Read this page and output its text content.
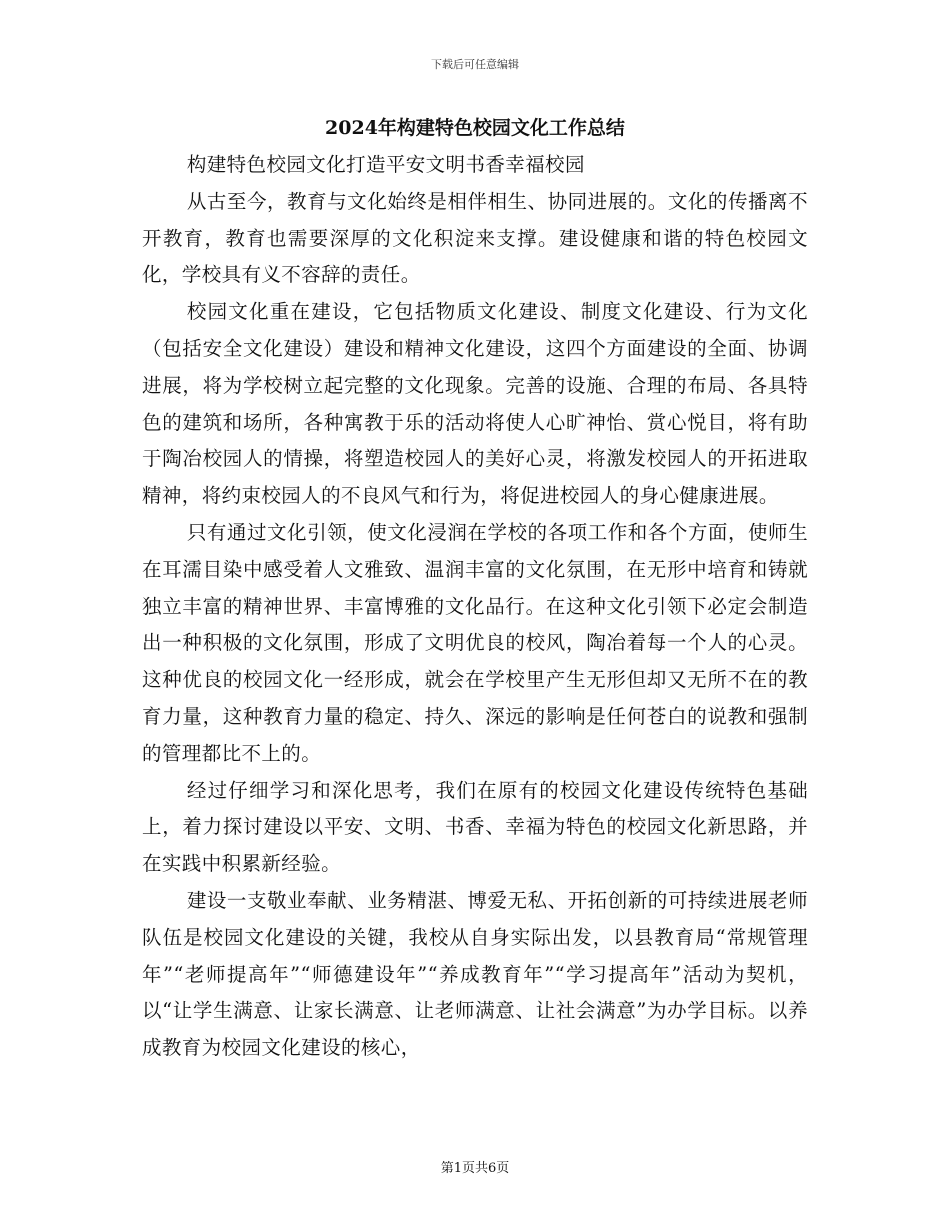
下载后可任意编辑
2024年构建特色校园文化工作总结

构建特色校园文化打造平安文明书香幸福校园

从古至今，教育与文化始终是相伴相生、协同进展的。文化的传播离不开教育，教育也需要深厚的文化积淀来支撑。建设健康和谐的特色校园文化，学校具有义不容辞的责任。

校园文化重在建设，它包括物质文化建设、制度文化建设、行为文化（包括安全文化建设）建设和精神文化建设，这四个方面建设的全面、协调进展，将为学校树立起完整的文化现象。完善的设施、合理的布局、各具特色的建筑和场所，各种寓教于乐的活动将使人心旷神怡、赏心悦目，将有助于陶冶校园人的情操，将塑造校园人的美好心灵，将激发校园人的开拓进取精神，将约束校园人的不良风气和行为，将促进校园人的身心健康进展。

只有通过文化引领，使文化浸润在学校的各项工作和各个方面，使师生在耳濡目染中感受着人文雅致、温润丰富的文化氛围，在无形中培育和铸就独立丰富的精神世界、丰富博雅的文化品行。在这种文化引领下必定会制造出一种积极的文化氛围，形成了文明优良的校风，陶冶着每一个人的心灵。这种优良的校园文化一经形成，就会在学校里产生无形但却又无所不在的教育力量，这种教育力量的稳定、持久、深远的影响是任何苍白的说教和强制的管理都比不上的。

经过仔细学习和深化思考，我们在原有的校园文化建设传统特色基础上，着力探讨建设以平安、文明、书香、幸福为特色的校园文化新思路，并在实践中积累新经验。

建设一支敬业奉献、业务精湛、博爱无私、开拓创新的可持续进展老师队伍是校园文化建设的关键，我校从自身实际出发，以县教育局“常规管理年”“老师提高年”“师德建设年”“养成教育年”“学习提高年”活动为契机，以“让学生满意、让家长满意、让老师满意、让社会满意”为办学目标。以养成教育为校园文化建设的核心，

第1页共6页
